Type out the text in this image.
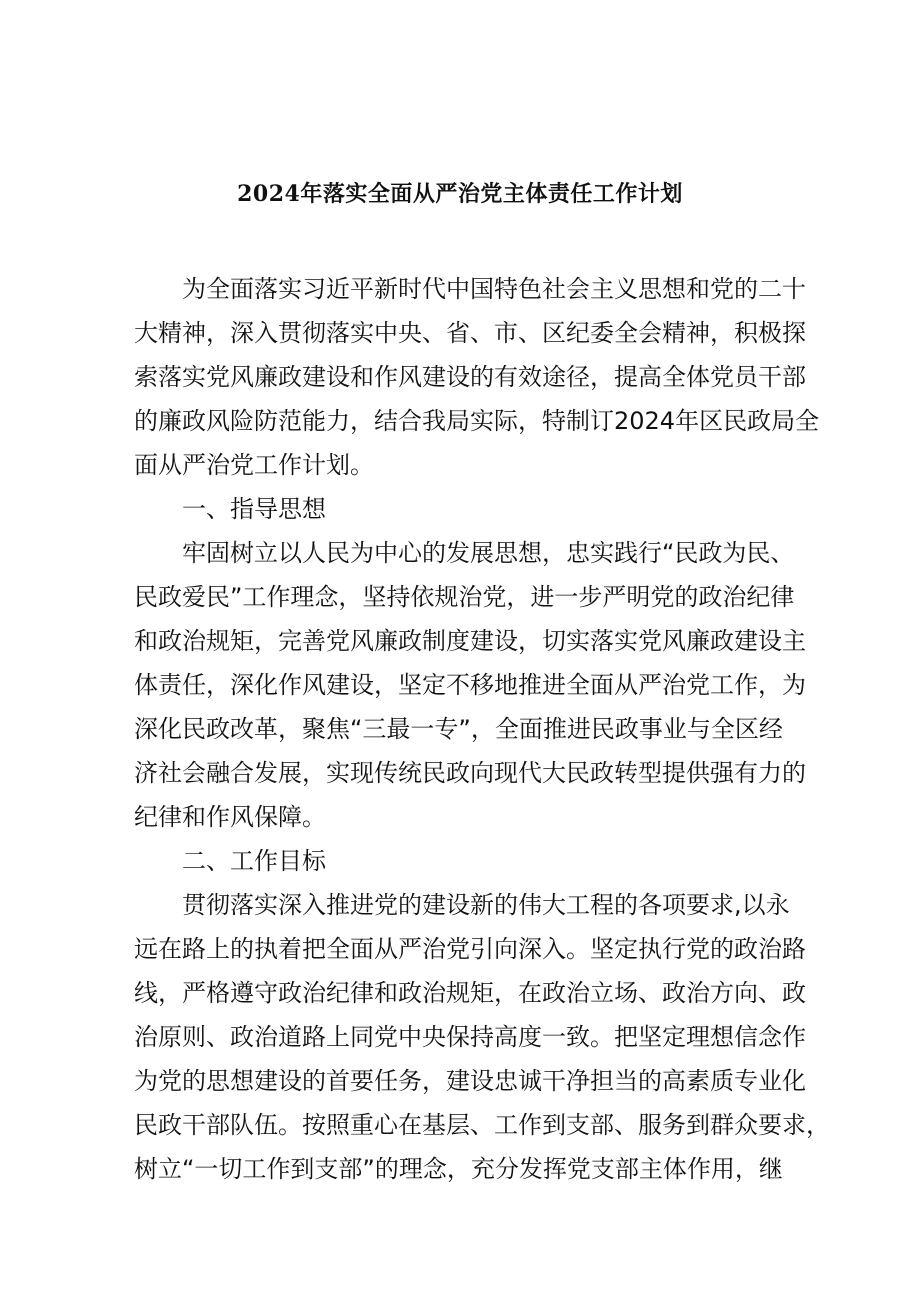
2024年落实全面从严治党主体责任工作计划
为全面落实习近平新时代中国特色社会主义思想和党的二十
大精神，深入贯彻落实中央、省、市、区纪委全会精神，积极探
索落实党风廉政建设和作风建设的有效途径，提高全体党员干部
的廉政风险防范能力，结合我局实际，特制订2024年区民政局全
面从严治党工作计划。
一、指导思想
牢固树立以人民为中心的发展思想，忠实践行“民政为民、
民政爱民”工作理念，坚持依规治党，进一步严明党的政治纪律
和政治规矩，完善党风廉政制度建设，切实落实党风廉政建设主
体责任，深化作风建设，坚定不移地推进全面从严治党工作，为
深化民政改革，聚焦“三最一专”，全面推进民政事业与全区经
济社会融合发展，实现传统民政向现代大民政转型提供强有力的
纪律和作风保障。
二、工作目标
贯彻落实深入推进党的建设新的伟大工程的各项要求,以永
远在路上的执着把全面从严治党引向深入。坚定执行党的政治路
线，严格遵守政治纪律和政治规矩，在政治立场、政治方向、政
治原则、政治道路上同党中央保持高度一致。把坚定理想信念作
为党的思想建设的首要任务，建设忠诚干净担当的高素质专业化
民政干部队伍。按照重心在基层、工作到支部、服务到群众要求，
树立“一切工作到支部”的理念，充分发挥党支部主体作用，继
